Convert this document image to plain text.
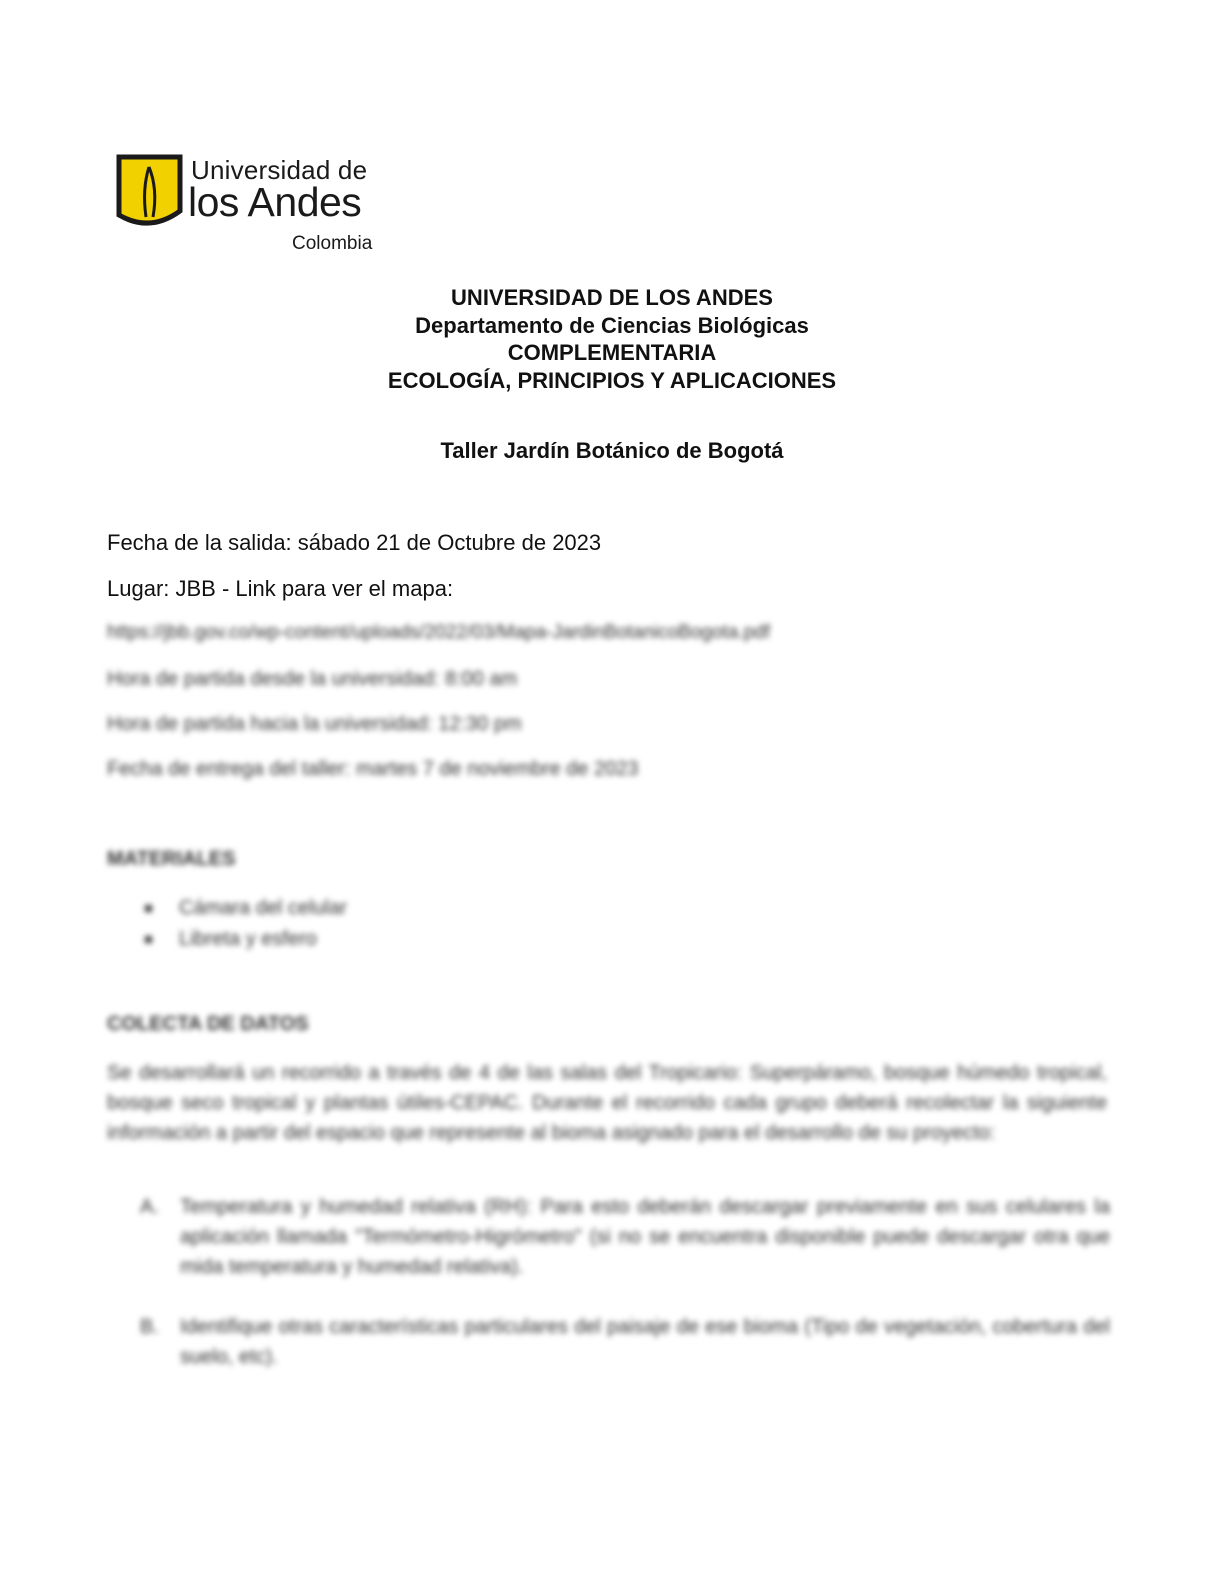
Universidad de
los Andes
Colombia
UNIVERSIDAD DE LOS ANDES
Departamento de Ciencias Biológicas
COMPLEMENTARIA
ECOLOGÍA, PRINCIPIOS Y APLICACIONES
Taller Jardín Botánico de Bogotá
Fecha de la salida: sábado 21 de Octubre de 2023
Lugar: JBB - Link para ver el mapa:
https://jbb.gov.co/wp-content/uploads/2022/03/Mapa-JardinBotanicoBogota.pdf
Hora de partida desde la universidad: 8:00 am
Hora de partida hacia la universidad: 12:30 pm
Fecha de entrega del taller: martes 7 de noviembre de 2023
MATERIALES
Cámara del celular
Libreta y esfero
COLECTA DE DATOS
Se desarrollará un recorrido a través de 4 de las salas del Tropicario: Superpáramo, bosque húmedo tropical, bosque seco tropical y plantas útiles-CEPAC. Durante el recorrido cada grupo deberá recolectar la siguiente información a partir del espacio que represente al bioma asignado para el desarrollo de su proyecto:
A.	Temperatura y humedad relativa (RH): Para esto deberán descargar previamente en sus celulares la aplicación llamada "Termómetro-Higrómetro" (si no se encuentra disponible puede descargar otra que mida temperatura y humedad relativa).
B.	Identifique otras características particulares del paisaje de ese bioma (Tipo de vegetación, cobertura del suelo, etc).
